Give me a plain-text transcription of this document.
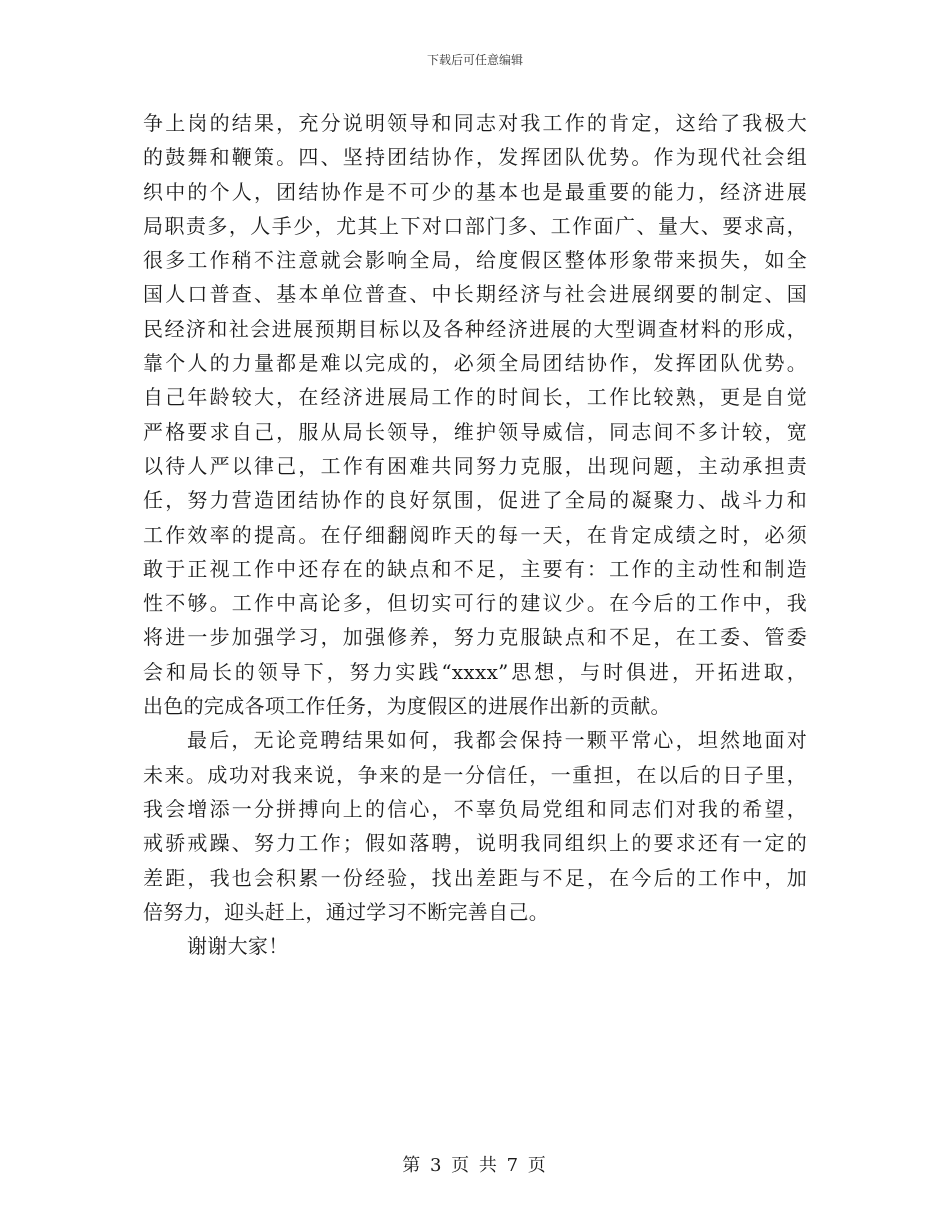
下载后可任意编辑
争上岗的结果，充分说明领导和同志对我工作的肯定，这给了我极大
的鼓舞和鞭策。四、坚持团结协作，发挥团队优势。作为现代社会组
织中的个人，团结协作是不可少的基本也是最重要的能力，经济进展
局职责多，人手少，尤其上下对口部门多、工作面广、量大、要求高，
很多工作稍不注意就会影响全局，给度假区整体形象带来损失，如全
国人口普查、基本单位普查、中长期经济与社会进展纲要的制定、国
民经济和社会进展预期目标以及各种经济进展的大型调查材料的形成，
靠个人的力量都是难以完成的，必须全局团结协作，发挥团队优势。
自己年龄较大，在经济进展局工作的时间长，工作比较熟，更是自觉
严格要求自己，服从局长领导，维护领导威信，同志间不多计较，宽
以待人严以律己，工作有困难共同努力克服，出现问题，主动承担责
任，努力营造团结协作的良好氛围，促进了全局的凝聚力、战斗力和
工作效率的提高。在仔细翻阅昨天的每一天，在肯定成绩之时，必须
敢于正视工作中还存在的缺点和不足，主要有：工作的主动性和制造
性不够。工作中高论多，但切实可行的建议少。在今后的工作中，我
将进一步加强学习，加强修养，努力克服缺点和不足，在工委、管委
会和局长的领导下，努力实践“xxxx”思想，与时俱进，开拓进取，
出色的完成各项工作任务，为度假区的进展作出新的贡献。
最后，无论竞聘结果如何，我都会保持一颗平常心，坦然地面对
未来。成功对我来说，争来的是一分信任，一重担，在以后的日子里，
我会增添一分拼搏向上的信心，不辜负局党组和同志们对我的希望，
戒骄戒躁、努力工作；假如落聘，说明我同组织上的要求还有一定的
差距，我也会积累一份经验，找出差距与不足，在今后的工作中，加
倍努力，迎头赶上，通过学习不断完善自己。
谢谢大家！
第 3 页 共 7 页
